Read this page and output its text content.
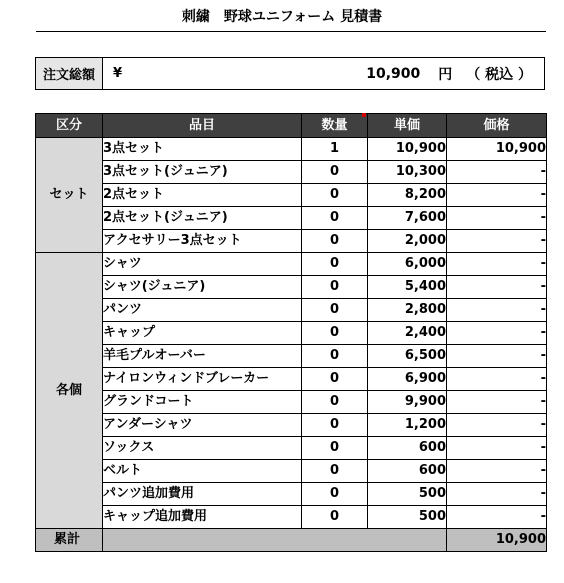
刺繍　野球ユニフォーム 見積書
注文総額	¥	10,900 円 （ 税込 ）
区分	品目	数量	単価	価格
セット	3点セット	1	10,900	10,900
	3点セット(ジュニア)	0	10,300	-
	2点セット	0	8,200	-
	2点セット(ジュニア)	0	7,600	-
	アクセサリー3点セット	0	2,000	-
各個	シャツ	0	6,000	-
	シャツ(ジュニア)	0	5,400	-
	パンツ	0	2,800	-
	キャップ	0	2,400	-
	羊毛プルオーバー	0	6,500	-
	ナイロンウィンドブレーカー	0	6,900	-
	グランドコート	0	9,900	-
	アンダーシャツ	0	1,200	-
	ソックス	0	600	-
	ベルト	0	600	-
	パンツ追加費用	0	500	-
	キャップ追加費用	0	500	-
累計				10,900
